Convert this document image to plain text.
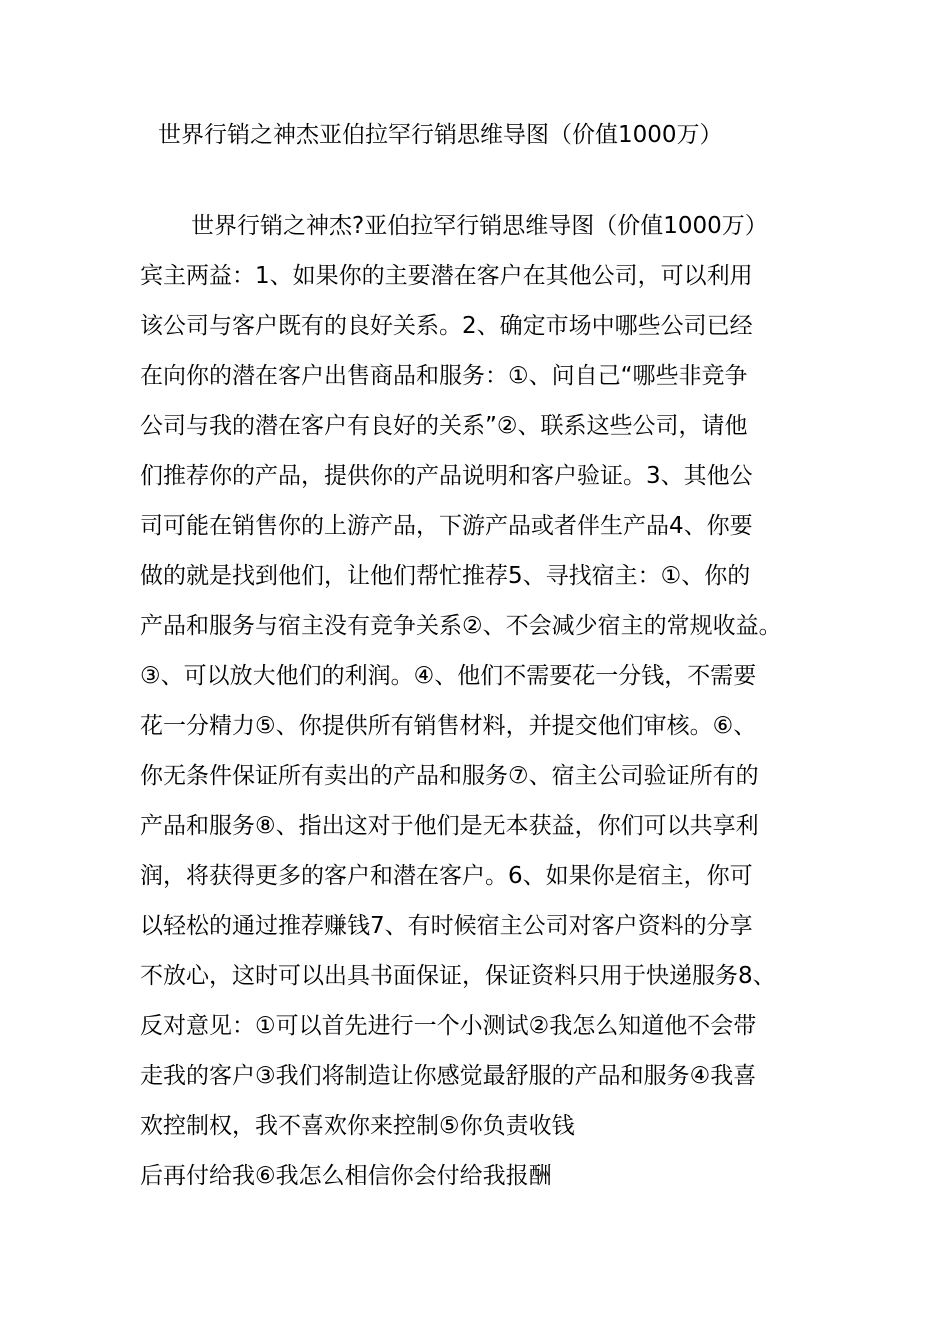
世界行销之神杰亚伯拉罕行销思维导图（价值1000万）
世界行销之神杰?亚伯拉罕行销思维导图（价值1000万）
宾主两益：1、如果你的主要潜在客户在其他公司，可以利用
该公司与客户既有的良好关系。2、确定市场中哪些公司已经
在向你的潜在客户出售商品和服务：①、问自己“哪些非竞争
公司与我的潜在客户有良好的关系”②、联系这些公司，请他
们推荐你的产品，提供你的产品说明和客户验证。3、其他公
司可能在销售你的上游产品，下游产品或者伴生产品4、你要
做的就是找到他们，让他们帮忙推荐5、寻找宿主：①、你的
产品和服务与宿主没有竞争关系②、不会减少宿主的常规收益。
③、可以放大他们的利润。④、他们不需要花一分钱，不需要
花一分精力⑤、你提供所有销售材料，并提交他们审核。⑥、
你无条件保证所有卖出的产品和服务⑦、宿主公司验证所有的
产品和服务⑧、指出这对于他们是无本获益，你们可以共享利
润，将获得更多的客户和潜在客户。6、如果你是宿主，你可
以轻松的通过推荐赚钱7、有时候宿主公司对客户资料的分享
不放心，这时可以出具书面保证，保证资料只用于快递服务8、
反对意见：①可以首先进行一个小测试②我怎么知道他不会带
走我的客户③我们将制造让你感觉最舒服的产品和服务④我喜
欢控制权，我不喜欢你来控制⑤你负责收钱
后再付给我⑥我怎么相信你会付给我报酬
